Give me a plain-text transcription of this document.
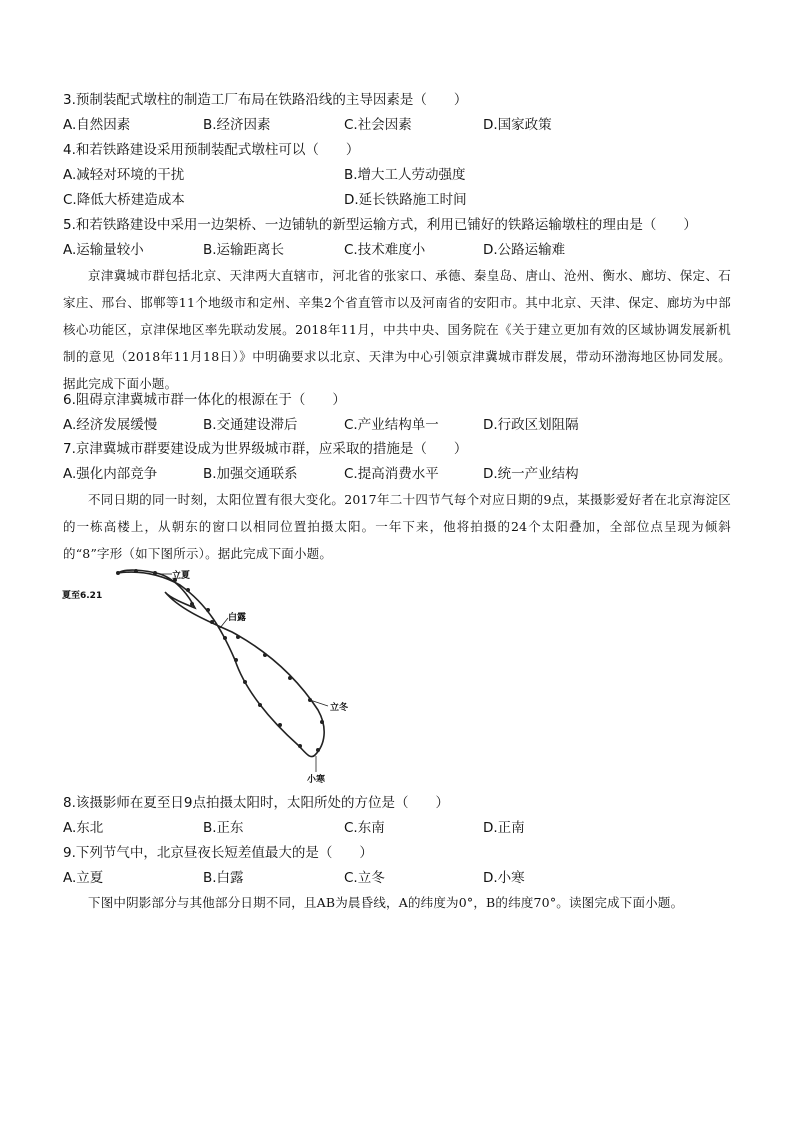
3.预制装配式墩柱的制造工厂布局在铁路沿线的主导因素是（　　）
A.自然因素	B.经济因素	C.社会因素	D.国家政策
4.和若铁路建设采用预制装配式墩柱可以（　　）
A.减轻对环境的干扰	B.增大工人劳动强度
C.降低大桥建造成本	D.延长铁路施工时间
5.和若铁路建设中采用一边架桥、一边铺轨的新型运输方式，利用已铺好的铁路运输墩柱的理由是（　　）
A.运输量较小	B.运输距离长	C.技术难度小	D.公路运输难
京津冀城市群包括北京、天津两大直辖市，河北省的张家口、承德、秦皇岛、唐山、沧州、衡水、廊坊、保定、石家庄、邢台、邯郸等11个地级市和定州、辛集2个省直管市以及河南省的安阳市。其中北京、天津、保定、廊坊为中部核心功能区，京津保地区率先联动发展。2018年11月，中共中央、国务院在《关于建立更加有效的区域协调发展新机制的意见（2018年11月18日）》中明确要求以北京、天津为中心引领京津冀城市群发展，带动环渤海地区协同发展。据此完成下面小题。
6.阻碍京津冀城市群一体化的根源在于（　　）
A.经济发展缓慢	B.交通建设滞后	C.产业结构单一	D.行政区划阻隔
7.京津冀城市群要建设成为世界级城市群，应采取的措施是（　　）
A.强化内部竞争	B.加强交通联系	C.提高消费水平	D.统一产业结构
不同日期的同一时刻，太阳位置有很大变化。2017年二十四节气每个对应日期的9点，某摄影爱好者在北京海淀区的一栋高楼上，从朝东的窗口以相同位置拍摄太阳。一年下来，他将拍摄的24个太阳叠加，全部位点呈现为倾斜的“8”字形（如下图所示）。据此完成下面小题。
夏至6.21
立夏
白露
立冬
小寒
8.该摄影师在夏至日9点拍摄太阳时，太阳所处的方位是（　　）
A.东北	B.正东	C.东南	D.正南
9.下列节气中，北京昼夜长短差值最大的是（　　）
A.立夏	B.白露	C.立冬	D.小寒
下图中阴影部分与其他部分日期不同，且AB为晨昏线，A的纬度为0°，B的纬度70°。读图完成下面小题。
